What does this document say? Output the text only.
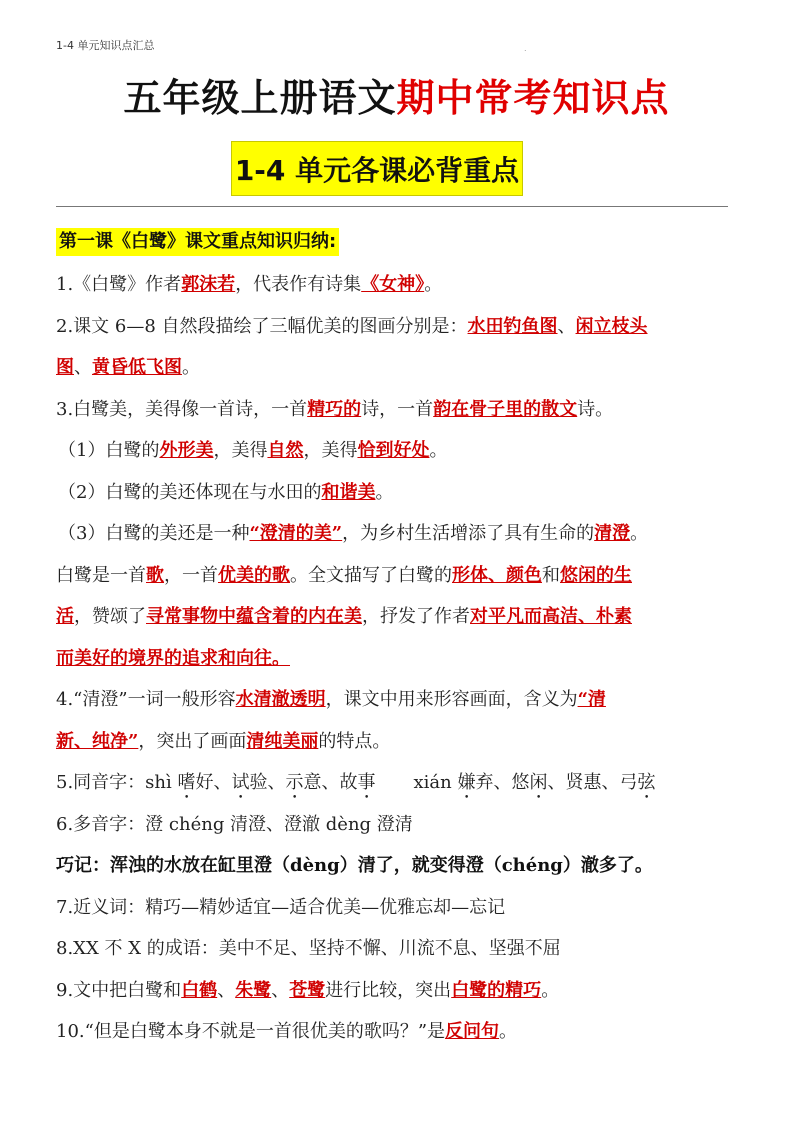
1-4 单元知识点汇总	.
五年级上册语文期中常考知识点
1-4 单元各课必背重点
第一课《白鹭》课文重点知识归纳:
1.《白鹭》作者郭沫若，代表作有诗集《女神》。
2.课文 6—8 自然段描绘了三幅优美的图画分别是：水田钓鱼图、闲立枝头
图、黄昏低飞图。
3.白鹭美，美得像一首诗，一首精巧的诗，一首韵在骨子里的散文诗。
（1）白鹭的外形美，美得自然，美得恰到好处。
（2）白鹭的美还体现在与水田的和谐美。
（3）白鹭的美还是一种“澄清的美”，为乡村生活增添了具有生命的清澄。
白鹭是一首歌，一首优美的歌。全文描写了白鹭的形体、颜色和悠闲的生
活，赞颂了寻常事物中蕴含着的内在美，抒发了作者对平凡而高洁、朴素
而美好的境界的追求和向往。
4.“清澄”一词一般形容水清澈透明，课文中用来形容画面，含义为“清
新、纯净”，突出了画面清纯美丽的特点。
5.同音字：shì 嗜好、试验、示意、故事 xián 嫌弃、悠闲、贤惠、弓弦
6.多音字：澄 chéng 清澄、澄澈 dèng 澄清
巧记：浑浊的水放在缸里澄（dèng）清了，就变得澄（chéng）澈多了。
7.近义词：精巧—精妙适宜—适合优美—优雅忘却—忘记
8.XX 不 X 的成语：美中不足、坚持不懈、川流不息、坚强不屈
9.文中把白鹭和白鹤、朱鹭、苍鹭进行比较，突出白鹭的精巧。
10.“但是白鹭本身不就是一首很优美的歌吗？”是反问句。
